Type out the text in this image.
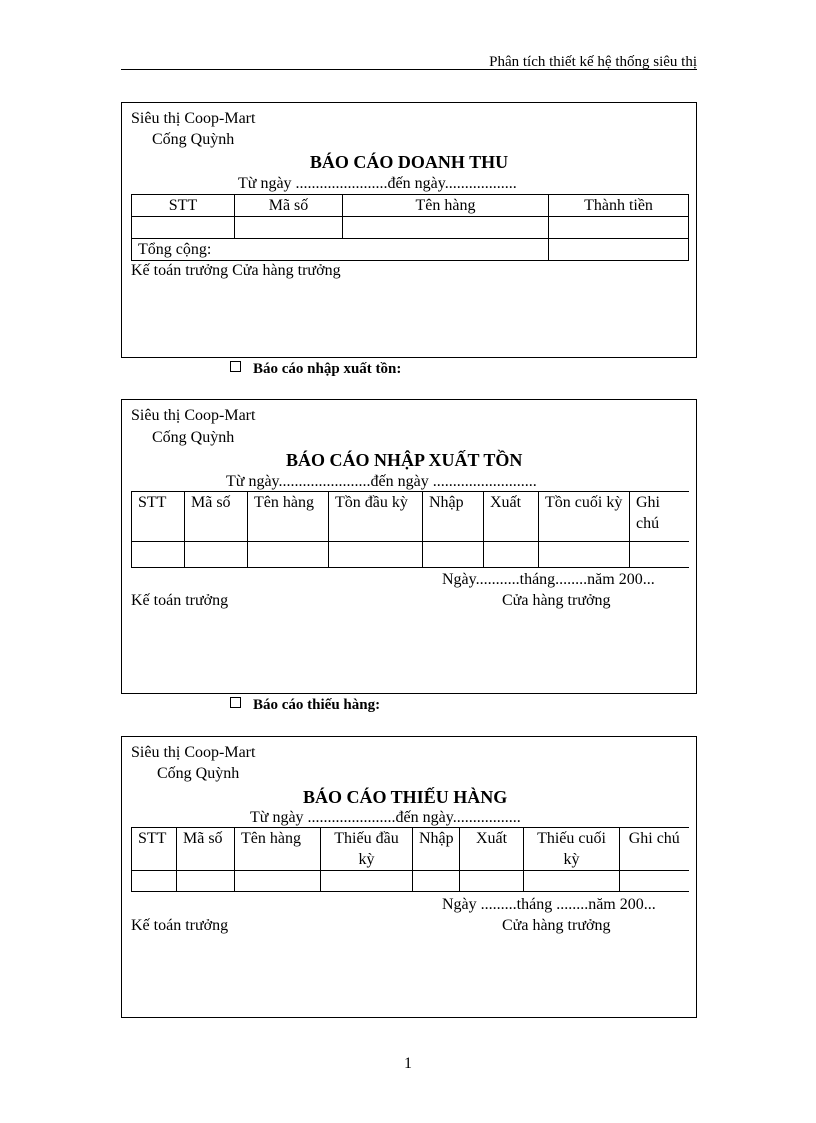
Phân tích thiết kế hệ thống siêu thị
Siêu thị Coop-Mart
Cống Quỳnh
BÁO CÁO DOANH THU
Từ ngày .......................đến ngày..................
STT	Mã số	Tên hàng	Thành tiền

Tổng cộng:			
Kế toán trưởng Cửa hàng trưởng
Báo cáo nhập xuất tồn:
Siêu thị Coop-Mart
Cống Quỳnh
BÁO CÁO NHẬP XUẤT TỒN
Từ ngày.......................đến ngày ..........................
STT	Mã số	Tên hàng	Tồn đầu kỳ	Nhập	Xuất	Tồn cuối kỳ	Ghi chú

Ngày...........tháng........năm 200...
Kế toán trưởng	Cửa hàng trưởng
Báo cáo thiếu hàng:
Siêu thị Coop-Mart
Cống Quỳnh
BÁO CÁO THIẾU HÀNG
Từ ngày ......................đến ngày.................
STT	Mã số	Tên hàng	Thiếu đầu kỳ	Nhập	Xuất	Thiếu cuối kỳ	Ghi chú

Ngày .........tháng ........năm 200...
Kế toán trưởng	Cửa hàng trưởng
1
